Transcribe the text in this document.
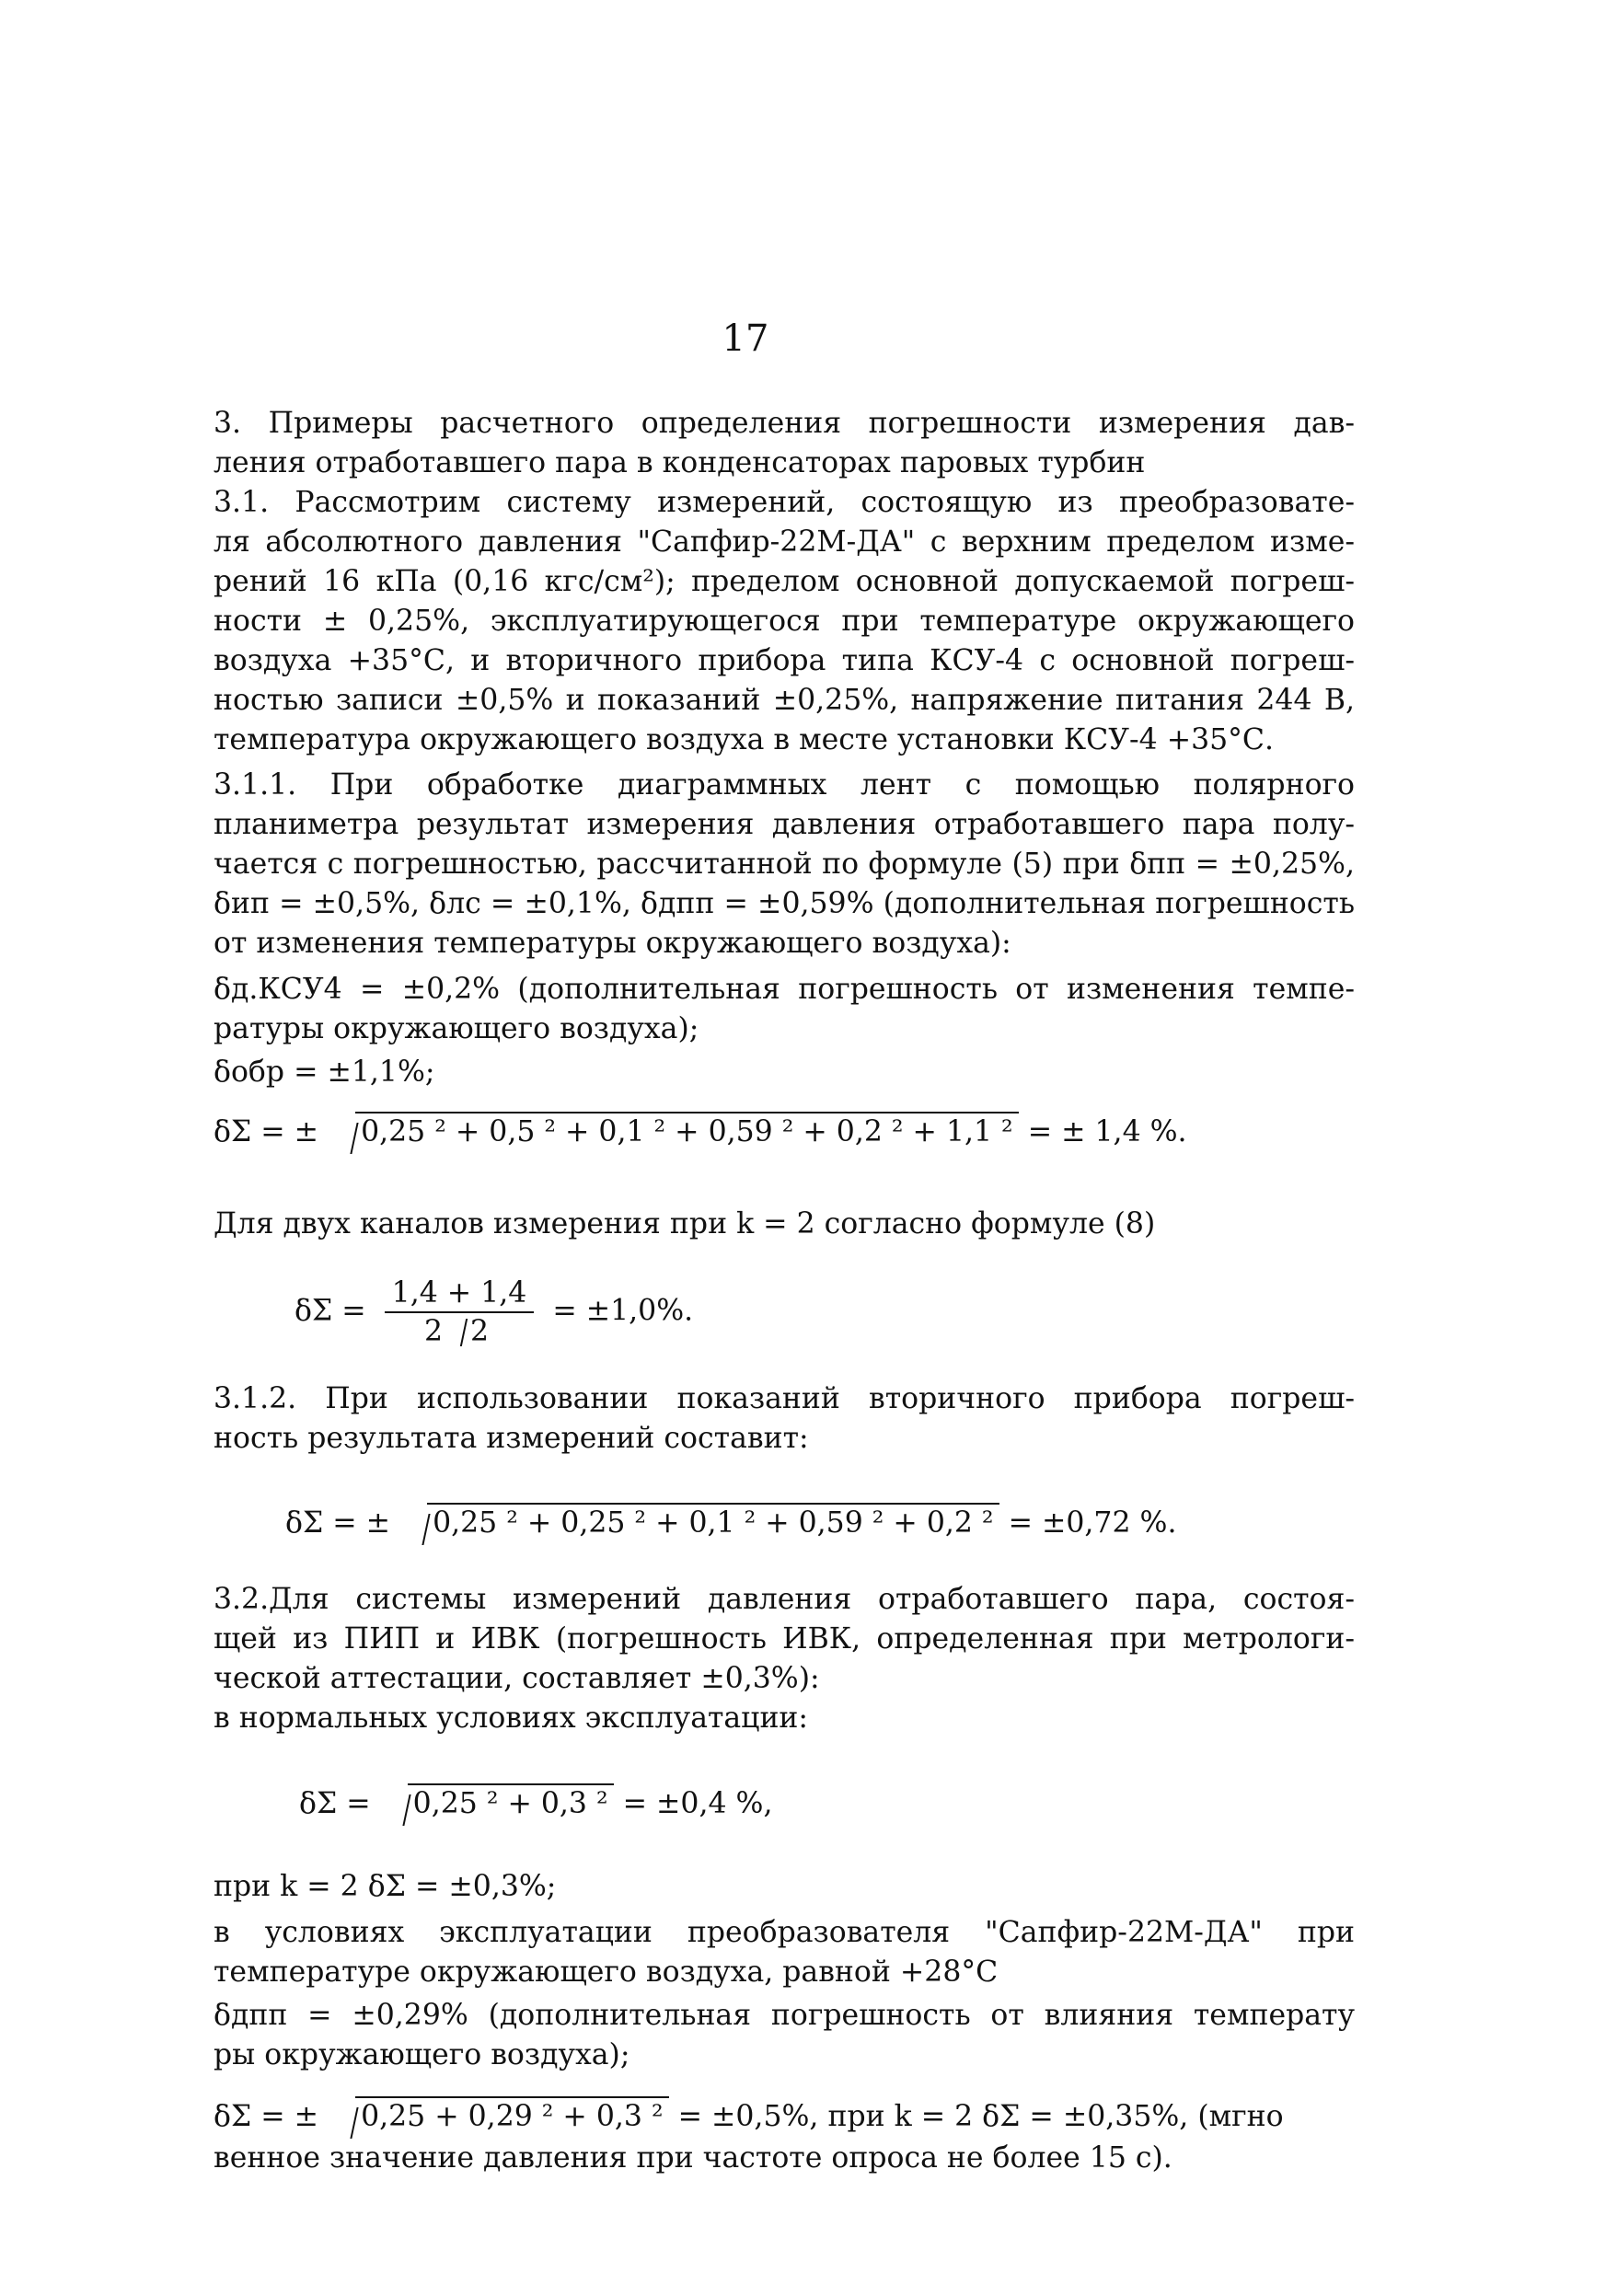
17
3. Примеры расчетного определения погрешности измерения дав-
ления отработавшего пара в конденсаторах паровых турбин
3.1. Рассмотрим систему измерений, состоящую из преобразовате-
ля абсолютного давления "Сапфир-22М-ДА" с верхним пределом изме-
рений 16 кПа (0,16 кгс/см²); пределом основной допускаемой погреш-
ности ± 0,25%, эксплуатирующегося при температуре окружающего
воздуха +35°С, и вторичного прибора типа КСУ-4 с основной погреш-
ностью записи ±0,5% и показаний ±0,25%, напряжение питания 244 В,
температура окружающего воздуха в месте установки КСУ-4 +35°С.
3.1.1. При обработке диаграммных лент с помощью полярного
планиметра результат измерения давления отработавшего пара полу-
чается с погрешностью, рассчитанной по формуле (5) при δпп = ±0,25%,
δип = ±0,5%, δлс = ±0,1%, δдпп = ±0,59% (дополнительная погрешность
от изменения температуры окружающего воздуха):
δд.КСУ4 = ±0,2% (дополнительная погрешность от изменения темпе-
ратуры окружающего воздуха);
δобр = ±1,1%;
δΣ = ± 0,25 ² + 0,5 ² + 0,1 ² + 0,59 ² + 0,2 ² + 1,1 ² = ± 1,4 %.
Для двух каналов измерения при k = 2 согласно формуле (8)
$\delta\Sigma = \frac{1,4 + 1,4}{2 2} = \pm 1,0\%$.
3.1.2. При использовании показаний вторичного прибора погреш-
ность результата измерений составит:
δΣ = ± 0,25 ² + 0,25 ² + 0,1 ² + 0,59 ² + 0,2 ² = ±0,72 %.
3.2.Для системы измерений давления отработавшего пара, состоя-
щей из ПИП и ИВК (погрешность ИВК, определенная при метрологи-
ческой аттестации, составляет ±0,3%):
в нормальных условиях эксплуатации:
δΣ = 0,25 ² + 0,3 ² = ±0,4 %,
при k = 2 δΣ = ±0,3%;
в условиях эксплуатации преобразователя "Сапфир-22М-ДА" при
температуре окружающего воздуха, равной +28°С
δдпп = ±0,29% (дополнительная погрешность от влияния температу
ры окружающего воздуха);
δΣ = ± 0,25 + 0,29 ² + 0,3 ² = ±0,5%, при k = 2 δΣ = ±0,35%, (мгно
венное значение давления при частоте опроса не более 15 с).
